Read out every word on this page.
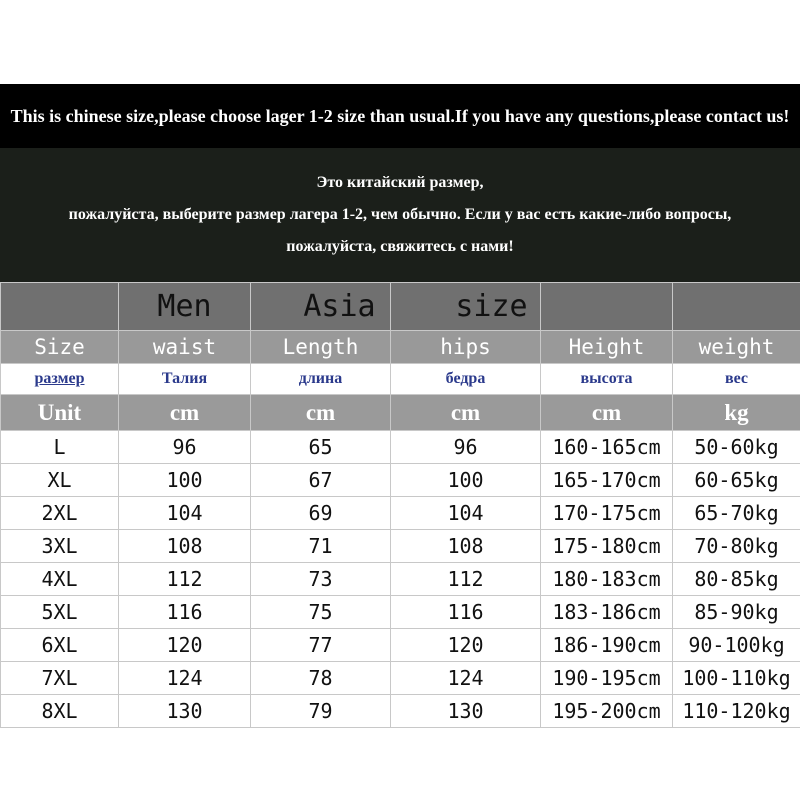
This is chinese size,please choose lager 1-2 size than usual.If you have any questions,please contact us!
Это китайский размер,
пожалуйста, выберите размер лагера 1-2, чем обычно. Если у вас есть какие-либо вопросы,
пожалуйста, свяжитесь с нами!
	Men	Asia	size		
Size	waist	Length	hips	Height	weight
размер	Талия	длина	бедра	высота	вес
Unit	cm	cm	cm	cm	kg
L	96	65	96	160-165cm	50-60kg
XL	100	67	100	165-170cm	60-65kg
2XL	104	69	104	170-175cm	65-70kg
3XL	108	71	108	175-180cm	70-80kg
4XL	112	73	112	180-183cm	80-85kg
5XL	116	75	116	183-186cm	85-90kg
6XL	120	77	120	186-190cm	90-100kg
7XL	124	78	124	190-195cm	100-110kg
8XL	130	79	130	195-200cm	110-120kg
